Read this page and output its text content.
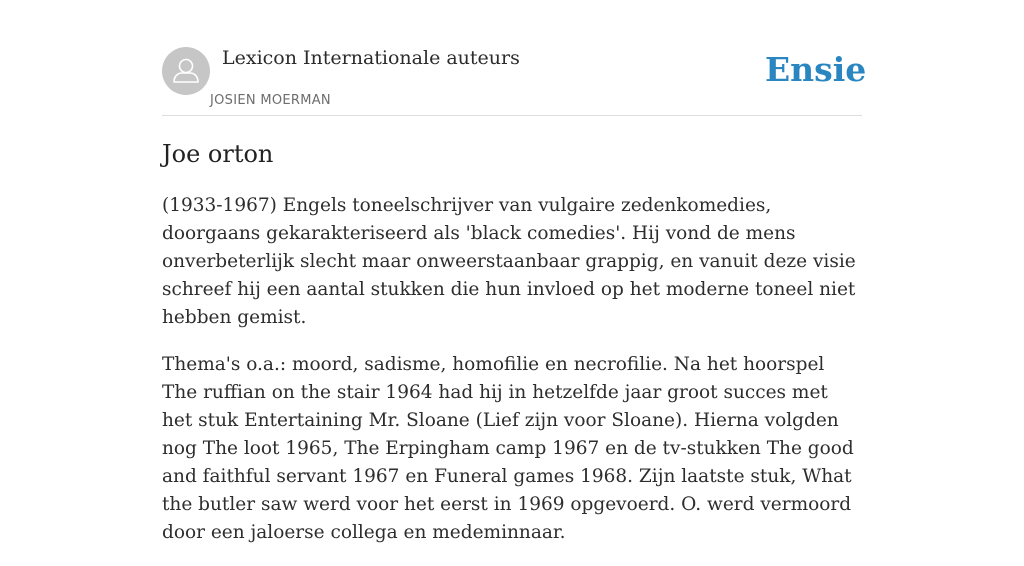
Lexicon Internationale auteurs
JOSIEN MOERMAN
Ensie
Joe orton

(1933-1967) Engels toneelschrijver van vulgaire zedenkomedies, doorgaans gekarakteriseerd als 'black comedies'. Hij vond de mens onverbeterlijk slecht maar onweerstaanbaar grappig, en vanuit deze visie schreef hij een aantal stukken die hun invloed op het moderne toneel niet hebben gemist.

Thema's o.a.: moord, sadisme, homofilie en necrofilie. Na het hoorspel The ruffian on the stair 1964 had hij in hetzelfde jaar groot succes met het stuk Entertaining Mr. Sloane (Lief zijn voor Sloane). Hierna volgden nog The loot 1965, The Erpingham camp 1967 en de tv-stukken The good and faithful servant 1967 en Funeral games 1968. Zijn laatste stuk, What the butler saw werd voor het eerst in 1969 opgevoerd. O. werd vermoord door een jaloerse collega en medeminnaar.
